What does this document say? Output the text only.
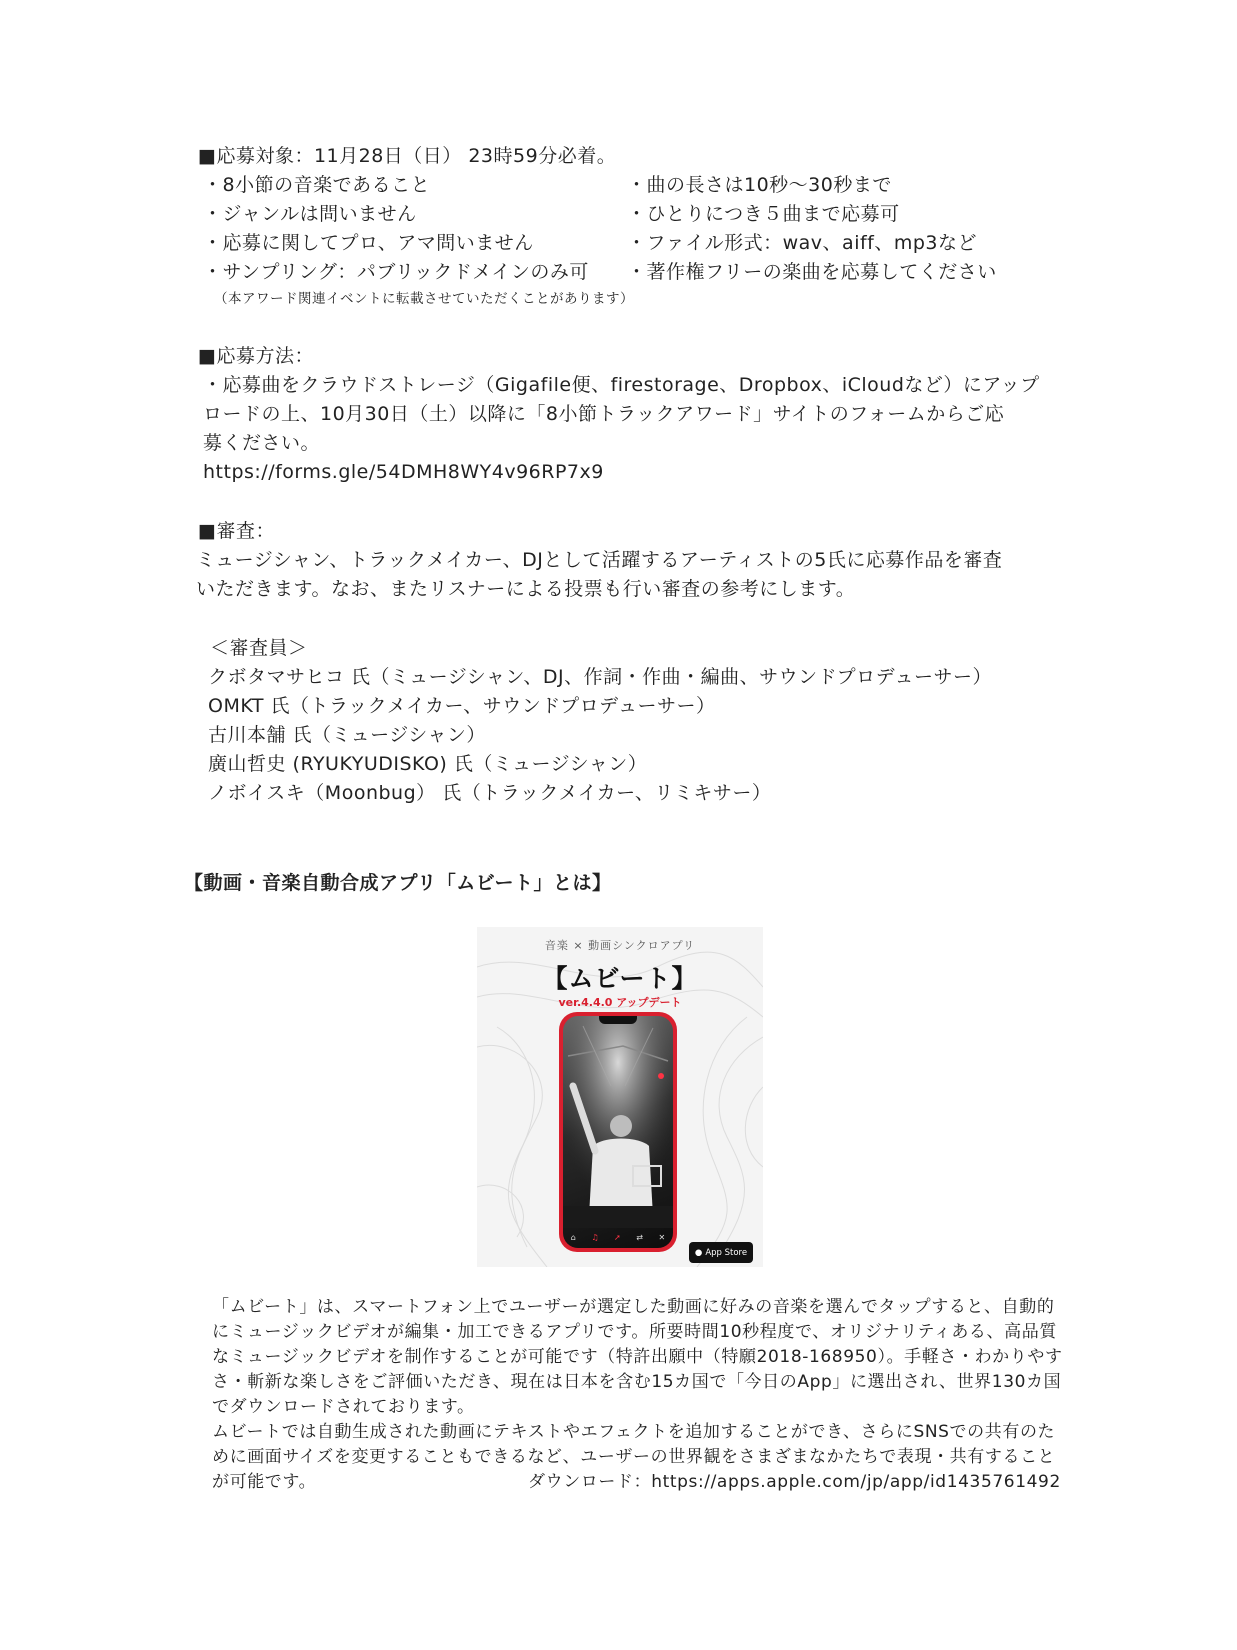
■応募対象：11月28日（日） 23時59分必着。
・8小節の音楽であること
・ジャンルは問いません
・応募に関してプロ、アマ問いません
・サンプリング：パブリックドメインのみ可
・曲の長さは10秒～30秒まで
・ひとりにつき５曲まで応募可
・ファイル形式：wav、aiff、mp3など
・著作権フリーの楽曲を応募してください
（本アワード関連イベントに転載させていただくことがあります）
■応募方法：
・応募曲をクラウドストレージ（Gigafile便、firestorage、Dropbox、iCloudなど）にアップ
ロードの上、10月30日（土）以降に「8小節トラックアワード」サイトのフォームからご応
募ください。
https://forms.gle/54DMH8WY4v96RP7x9
■審査：
ミュージシャン、トラックメイカー、DJとして活躍するアーティストの5氏に応募作品を審査
いただきます。なお、またリスナーによる投票も行い審査の参考にします。
＜審査員＞
クボタマサヒコ 氏（ミュージシャン、DJ、作詞・作曲・編曲、サウンドプロデューサー）
OMKT 氏（トラックメイカー、サウンドプロデューサー）
古川本舗 氏（ミュージシャン）
廣山哲史 (RYUKYUDISKO) 氏（ミュージシャン）
ノボイスキ（Moonbug） 氏（トラックメイカー、リミキサー）
【動画・音楽自動合成アプリ「ムビート」とは】
音楽 × 動画シンクロアプリ
【ムビート】
ver.4.4.0 アップデート
⌂ ♫ ➚ ⇄ ✕
● App Store
「ムビート」は、スマートフォン上でユーザーが選定した動画に好みの音楽を選んでタップすると、自動的
にミュージックビデオが編集・加工できるアプリです。所要時間10秒程度で、オリジナリティある、高品質
なミュージックビデオを制作することが可能です（特許出願中（特願2018-168950）。手軽さ・わかりやす
さ・斬新な楽しさをご評価いただき、現在は日本を含む15カ国で「今日のApp」に選出され、世界130カ国
でダウンロードされております。
ムビートでは自動生成された動画にテキストやエフェクトを追加することができ、さらにSNSでの共有のた
めに画面サイズを変更することもできるなど、ユーザーの世界観をさまざまなかたちで表現・共有すること
が可能です。	ダウンロード：https://apps.apple.com/jp/app/id1435761492
